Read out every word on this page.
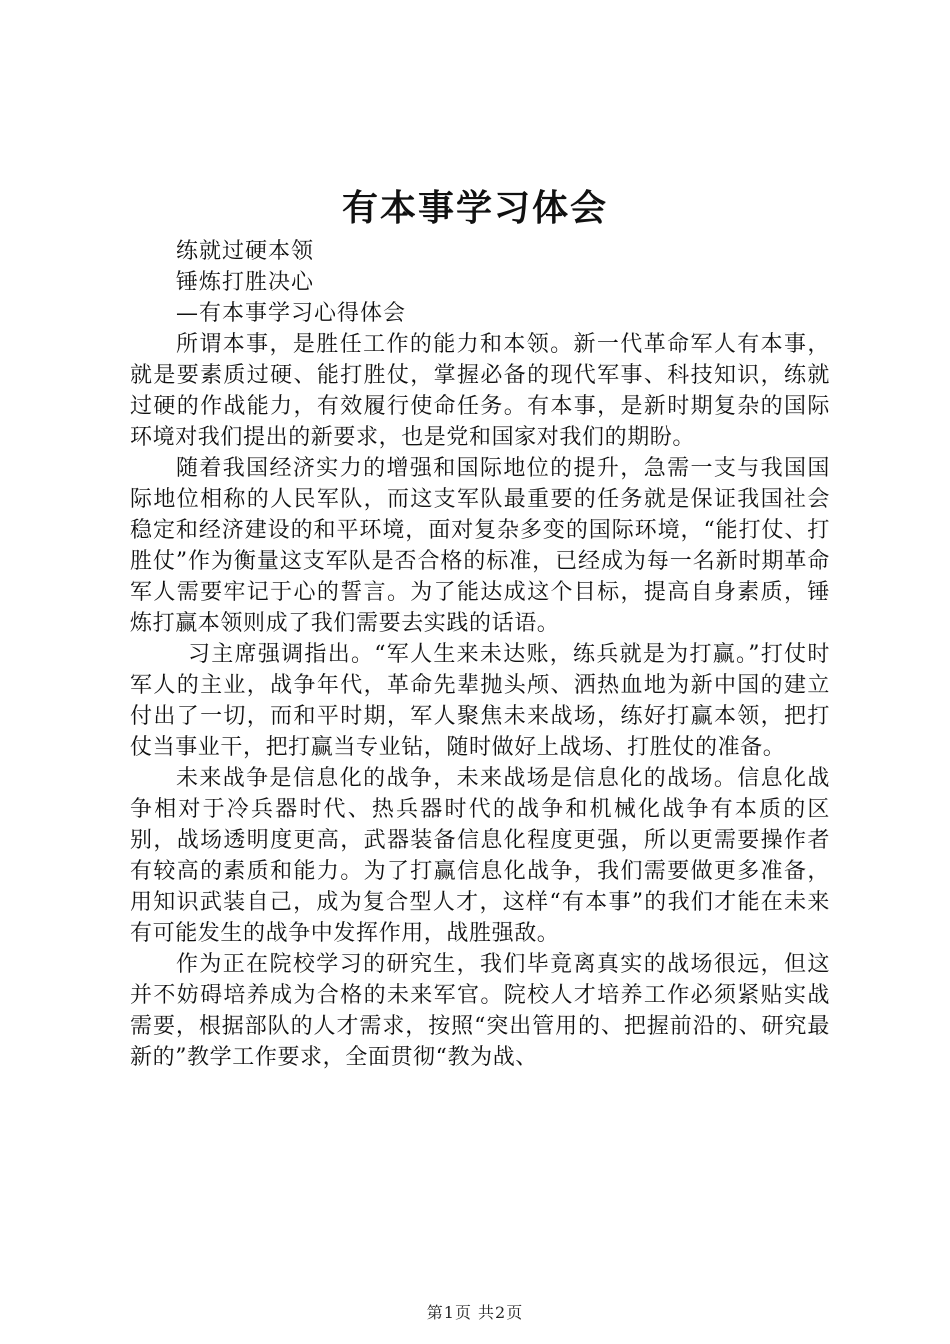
有本事学习体会

练就过硬本领

锤炼打胜决心

—有本事学习心得体会

所谓本事，是胜任工作的能力和本领。新一代革命军人有本事，就是要素质过硬、能打胜仗，掌握必备的现代军事、科技知识，练就过硬的作战能力，有效履行使命任务。有本事，是新时期复杂的国际环境对我们提出的新要求，也是党和国家对我们的期盼。

随着我国经济实力的增强和国际地位的提升，急需一支与我国国际地位相称的人民军队，而这支军队最重要的任务就是保证我国社会稳定和经济建设的和平环境，面对复杂多变的国际环境，“能打仗、打胜仗”作为衡量这支军队是否合格的标准，已经成为每一名新时期革命军人需要牢记于心的誓言。为了能达成这个目标，提高自身素质，锤炼打赢本领则成了我们需要去实践的话语。

习主席强调指出。“军人生来未达账，练兵就是为打赢。”打仗时军人的主业，战争年代，革命先辈抛头颅、洒热血地为新中国的建立付出了一切，而和平时期，军人聚焦未来战场，练好打赢本领，把打仗当事业干，把打赢当专业钻，随时做好上战场、打胜仗的准备。

未来战争是信息化的战争，未来战场是信息化的战场。信息化战争相对于冷兵器时代、热兵器时代的战争和机械化战争有本质的区别，战场透明度更高，武器装备信息化程度更强，所以更需要操作者有较高的素质和能力。为了打赢信息化战争，我们需要做更多准备，用知识武装自己，成为复合型人才，这样“有本事”的我们才能在未来有可能发生的战争中发挥作用，战胜强敌。

作为正在院校学习的研究生，我们毕竟离真实的战场很远，但这并不妨碍培养成为合格的未来军官。院校人才培养工作必须紧贴实战需要，根据部队的人才需求，按照“突出管用的、把握前沿的、研究最新的”教学工作要求，全面贯彻“教为战、

第1页 共2页
